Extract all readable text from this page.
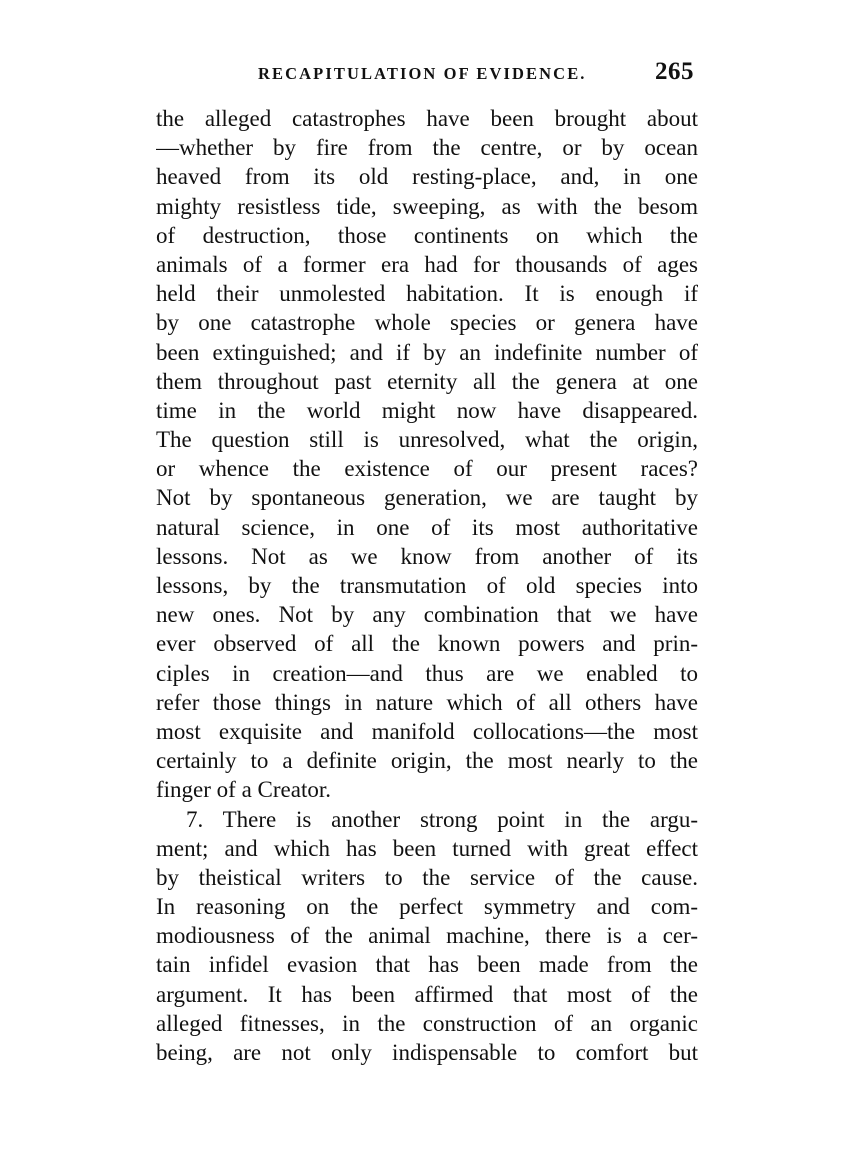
RECAPITULATION OF EVIDENCE.	265
the alleged catastrophes have been brought about
—whether by fire from the centre, or by ocean
heaved from its old resting-place, and, in one
mighty resistless tide, sweeping, as with the besom
of destruction, those continents on which the
animals of a former era had for thousands of ages
held their unmolested habitation. It is enough if
by one catastrophe whole species or genera have
been extinguished; and if by an indefinite number of
them throughout past eternity all the genera at one
time in the world might now have disappeared.
The question still is unresolved, what the origin,
or whence the existence of our present races?
Not by spontaneous generation, we are taught by
natural science, in one of its most authoritative
lessons. Not as we know from another of its
lessons, by the transmutation of old species into
new ones. Not by any combination that we have
ever observed of all the known powers and prin-
ciples in creation—and thus are we enabled to
refer those things in nature which of all others have
most exquisite and manifold collocations—the most
certainly to a definite origin, the most nearly to the
finger of a Creator.
7. There is another strong point in the argu-
ment; and which has been turned with great effect
by theistical writers to the service of the cause.
In reasoning on the perfect symmetry and com-
modiousness of the animal machine, there is a cer-
tain infidel evasion that has been made from the
argument. It has been affirmed that most of the
alleged fitnesses, in the construction of an organic
being, are not only indispensable to comfort but
